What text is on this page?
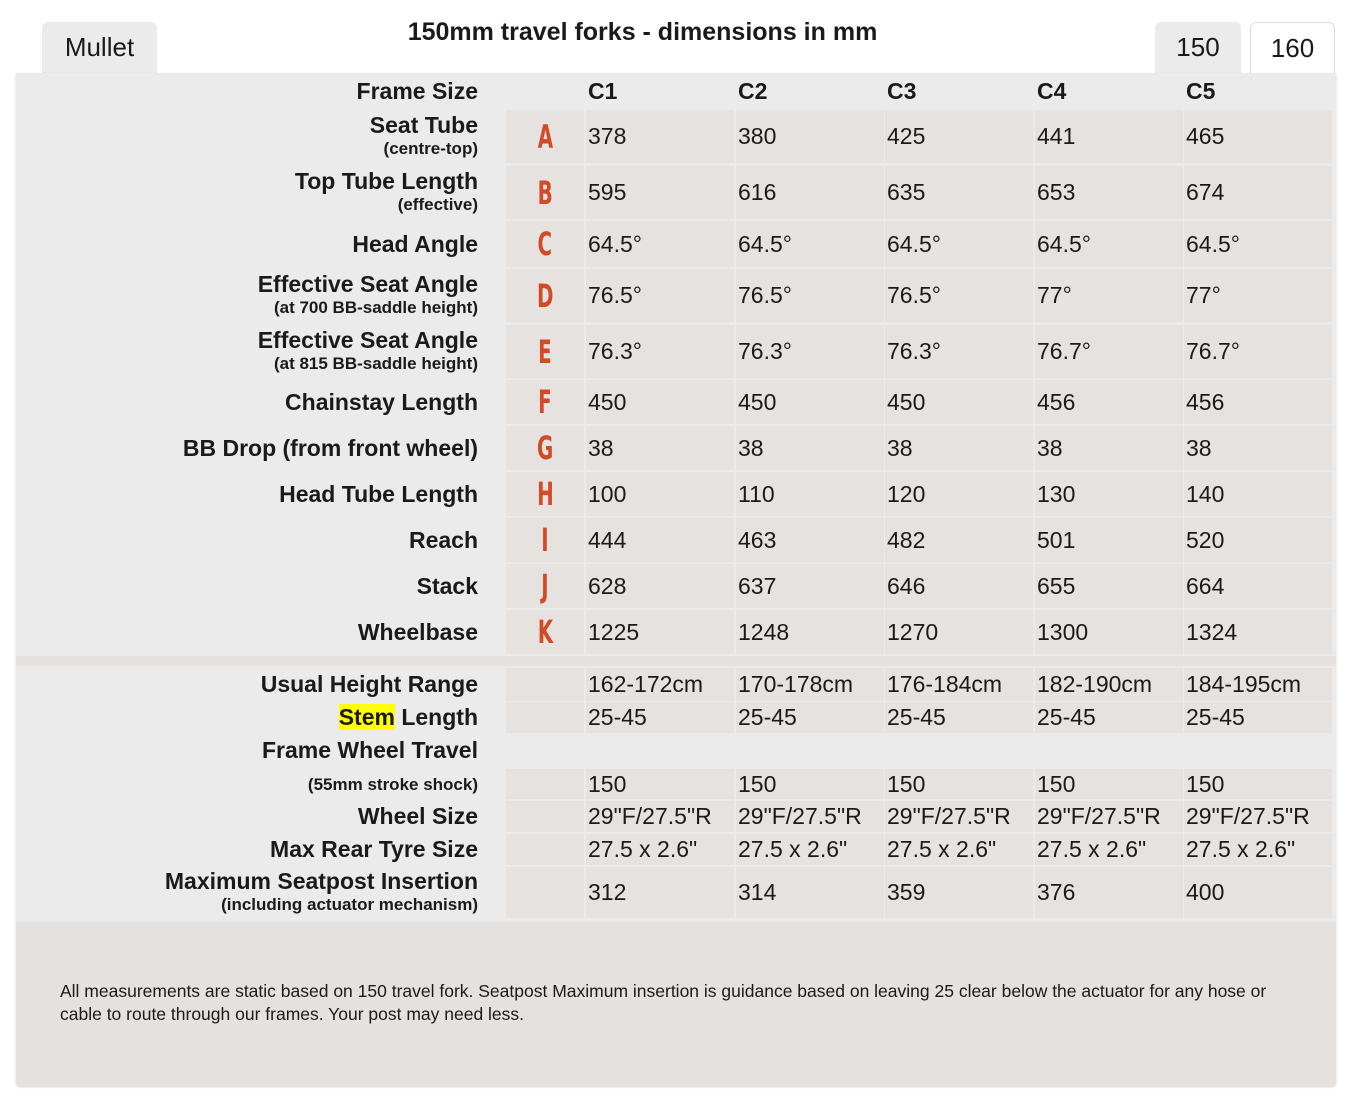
Mullet	150mm travel forks - dimensions in mm	150	160
Frame Size	C1	C2	C3	C4	C5
Seat Tube
(centre-top) A 378	380	425	441	465
Top Tube Length
(effective) B 595	616	635	653	674
Head Angle C 64.5°	64.5°	64.5°	64.5°	64.5°
Effective Seat Angle
(at 700 BB-saddle height) D 76.5°	76.5°	76.5°	77°	77°
Effective Seat Angle
(at 815 BB-saddle height) E 76.3°	76.3°	76.3°	76.7°	76.7°
Chainstay Length F 450	450	450	456	456
BB Drop (from front wheel) G 38	38	38	38	38
Head Tube Length H 100	110	120	130	140
Reach I 444	463	482	501	520
Stack J 628	637	646	655	664
Wheelbase K 1225	1248	1270	1300	1324
Usual Height Range	162-172cm	170-178cm	176-184cm	182-190cm	184-195cm
Stem Length	25-45	25-45	25-45	25-45	25-45
Frame Wheel Travel
(55mm stroke shock)	150	150	150	150	150
Wheel Size	29"F/27.5"R	29"F/27.5"R	29"F/27.5"R	29"F/27.5"R	29"F/27.5"R
Max Rear Tyre Size	27.5 x 2.6"	27.5 x 2.6"	27.5 x 2.6"	27.5 x 2.6"	27.5 x 2.6"
Maximum Seatpost Insertion
(including actuator mechanism)	312	314	359	376	400
All measurements are static based on 150 travel fork. Seatpost Maximum insertion is guidance based on leaving 25 clear below the actuator for any hose or cable to route through our frames. Your post may need less.
